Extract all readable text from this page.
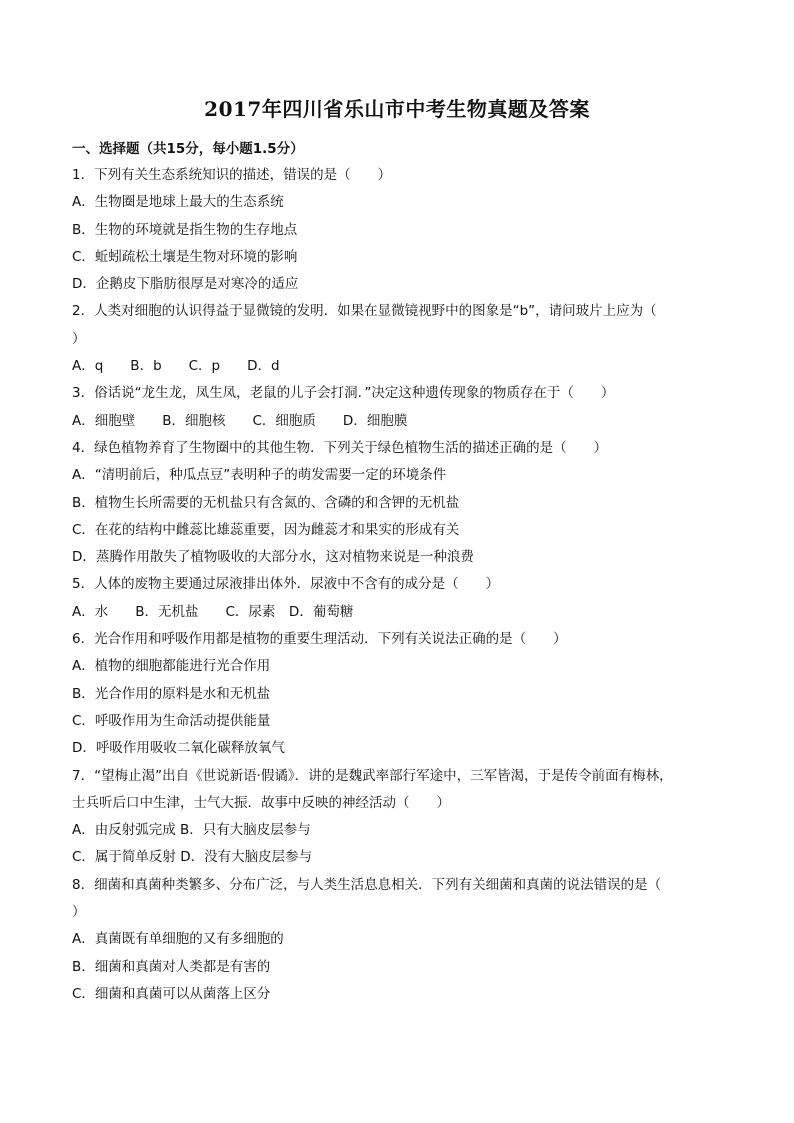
2017年四川省乐山市中考生物真题及答案
一、选择题（共15分，每小题1.5分）
1．下列有关生态系统知识的描述，错误的是（　　）
A．生物圈是地球上最大的生态系统
B．生物的环境就是指生物的生存地点
C．蚯蚓疏松土壤是生物对环境的影响
D．企鹅皮下脂肪很厚是对寒冷的适应
2．人类对细胞的认识得益于显微镜的发明．如果在显微镜视野中的图象是“b”，请问玻片上应为（
）
A．q　　B．b　　C．p　　D．d
3．俗话说“龙生龙，凤生凤，老鼠的儿子会打洞．”决定这种遗传现象的物质存在于（　　）
A．细胞壁　　B．细胞核　　C．细胞质　　D．细胞膜
4．绿色植物养育了生物圈中的其他生物．下列关于绿色植物生活的描述正确的是（　　）
A．“清明前后，种瓜点豆”表明种子的萌发需要一定的环境条件
B．植物生长所需要的无机盐只有含氮的、含磷的和含钾的无机盐
C．在花的结构中雌蕊比雄蕊重要，因为雌蕊才和果实的形成有关
D．蒸腾作用散失了植物吸收的大部分水，这对植物来说是一种浪费
5．人体的废物主要通过尿液排出体外．尿液中不含有的成分是（　　）
A．水　　B．无机盐　　C．尿素　D．葡萄糖
6．光合作用和呼吸作用都是植物的重要生理活动．下列有关说法正确的是（　　）
A．植物的细胞都能进行光合作用
B．光合作用的原料是水和无机盐
C．呼吸作用为生命活动提供能量
D．呼吸作用吸收二氧化碳释放氧气
7．“望梅止渴”出自《世说新语·假谲》．讲的是魏武率部行军途中，三军皆渴，于是传令前面有梅林，
士兵听后口中生津，士气大振．故事中反映的神经活动（　　）
A．由反射弧完成 B．只有大脑皮层参与
C．属于简单反射 D．没有大脑皮层参与
8．细菌和真菌种类繁多、分布广泛，与人类生活息息相关．下列有关细菌和真菌的说法错误的是（
）
A．真菌既有单细胞的又有多细胞的
B．细菌和真菌对人类都是有害的
C．细菌和真菌可以从菌落上区分
